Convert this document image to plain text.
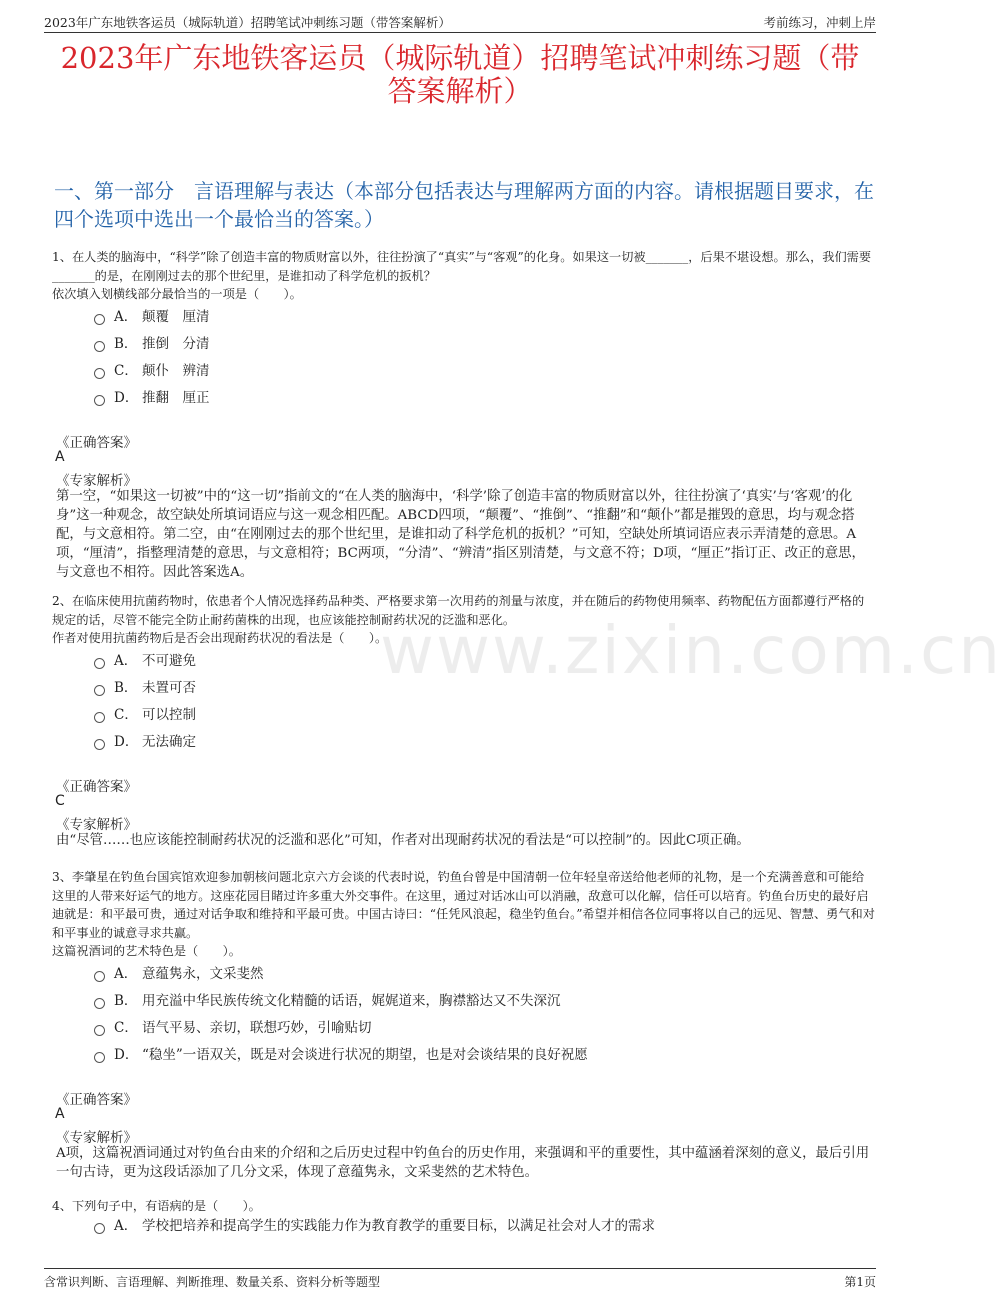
2023年广东地铁客运员（城际轨道）招聘笔试冲刺练习题（带答案解析）	考前练习，冲刺上岸
2023年广东地铁客运员（城际轨道）招聘笔试冲刺练习题（带答案解析）
一、第一部分　言语理解与表达（本部分包括表达与理解两方面的内容。请根据题目要求，在四个选项中选出一个最恰当的答案。）
www.zixin.com.cn

1、在人类的脑海中，“科学”除了创造丰富的物质财富以外，往往扮演了“真实”与“客观”的化身。如果这一切被_______，后果不堪设想。那么，我们需要_______的是，在刚刚过去的那个世纪里，是谁扣动了科学危机的扳机？

依次填入划横线部分最恰当的一项是（　　）。

A． 颠覆　厘清
B． 推倒　分清
C． 颠仆　辨清
D． 推翻　厘正
《正确答案》
A
《专家解析》
第一空，“如果这一切被”中的“这一切”指前文的“在人类的脑海中，‘科学’除了创造丰富的物质财富以外，往往扮演了‘真实’与‘客观’的化身”这一种观念，故空缺处所填词语应与这一观念相匹配。ABCD四项，“颠覆”、“推倒”、“推翻”和“颠仆”都是摧毁的意思，均与观念搭配，与文意相符。第二空，由“在刚刚过去的那个世纪里，是谁扣动了科学危机的扳机？”可知，空缺处所填词语应表示弄清楚的意思。A项，“厘清”，指整理清楚的意思，与文意相符；BC两项，“分清”、“辨清”指区别清楚，与文意不符；D项，“厘正”指订正、改正的意思，与文意也不相符。因此答案选A。

2、在临床使用抗菌药物时，依患者个人情况选择药品种类、严格要求第一次用药的剂量与浓度，并在随后的药物使用频率、药物配伍方面都遵行严格的规定的话，尽管不能完全防止耐药菌株的出现，也应该能控制耐药状况的泛滥和恶化。

作者对使用抗菌药物后是否会出现耐药状况的看法是（　　）。

A． 不可避免
B． 未置可否
C． 可以控制
D． 无法确定
《正确答案》
C
《专家解析》
由“尽管……也应该能控制耐药状况的泛滥和恶化”可知，作者对出现耐药状况的看法是“可以控制”的。因此C项正确。

3、李肇星在钓鱼台国宾馆欢迎参加朝核问题北京六方会谈的代表时说，钓鱼台曾是中国清朝一位年轻皇帝送给他老师的礼物，是一个充满善意和可能给这里的人带来好运气的地方。这座花园目睹过许多重大外交事件。在这里，通过对话冰山可以消融，敌意可以化解，信任可以培育。钓鱼台历史的最好启迪就是：和平最可贵，通过对话争取和维持和平最可贵。中国古诗曰：“任凭风浪起，稳坐钓鱼台。”希望并相信各位同事将以自己的远见、智慧、勇气和对和平事业的诚意寻求共赢。

这篇祝酒词的艺术特色是（　　）。

A． 意蕴隽永，文采斐然
B． 用充溢中华民族传统文化精髓的话语，娓娓道来，胸襟豁达又不失深沉
C． 语气平易、亲切，联想巧妙，引喻贴切
D． “稳坐”一语双关，既是对会谈进行状况的期望，也是对会谈结果的良好祝愿
《正确答案》
A
《专家解析》
A项，这篇祝酒词通过对钓鱼台由来的介绍和之后历史过程中钓鱼台的历史作用，来强调和平的重要性，其中蕴涵着深刻的意义，最后引用一句古诗，更为这段话添加了几分文采，体现了意蕴隽永，文采斐然的艺术特色。

4、下列句子中，有语病的是（　　）。

A． 学校把培养和提高学生的实践能力作为教育教学的重要目标，以满足社会对人才的需求
含常识判断、言语理解、判断推理、数量关系、资料分析等题型	第1页
